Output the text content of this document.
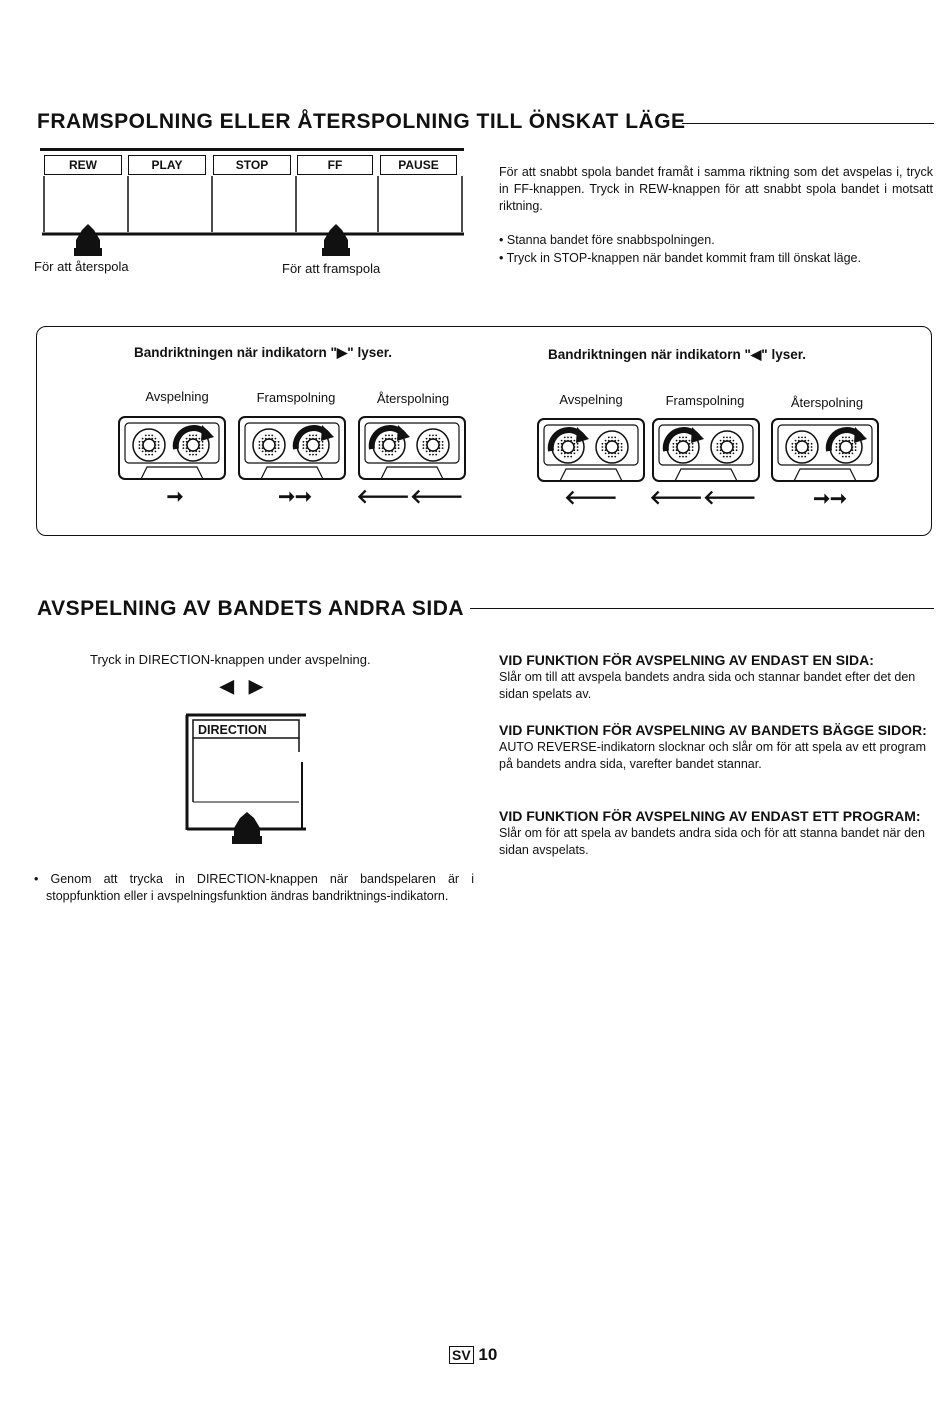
FRAMSPOLNING ELLER ÅTERSPOLNING TILL ÖNSKAT LÄGE
REW	PLAY	STOP	FF	PAUSE
För att återspola	För att framspola
För att snabbt spola bandet framåt i samma riktning som det avspelas i, tryck in FF-knappen. Tryck in REW-knappen för att snabbt spola bandet i motsatt riktning.
• Stanna bandet före snabbspolningen.
• Tryck in STOP-knappen när bandet kommit fram till önskat läge.
Bandriktningen när indikatorn "▶" lyser.	Bandriktningen när indikatorn "◀" lyser.
Avspelning	Framspolning	Återspolning	Avspelning	Framspolning	Återspolning
➞	➞➞	🡐🡐	🡐	🡐🡐	➞➞
AVSPELNING AV BANDETS ANDRA SIDA
Tryck in DIRECTION-knappen under avspelning.
◀   ▶
DIRECTION
• Genom att trycka in DIRECTION-knappen när bandspelaren är i stoppfunktion eller i avspelningsfunktion ändras bandriktnings-indikatorn.
VID FUNKTION FÖR AVSPELNING AV ENDAST EN SIDA:
Slår om till att avspela bandets andra sida och stannar bandet efter det den sidan spelats av.
VID FUNKTION FÖR AVSPELNING AV BANDETS BÄGGE SIDOR:
AUTO REVERSE-indikatorn slocknar och slår om för att spela av ett program på bandets andra sida, varefter bandet stannar.
VID FUNKTION FÖR AVSPELNING AV ENDAST ETT PROGRAM:
Slår om för att spela av bandets andra sida och för att stanna bandet när den sidan avspelats.
SV 10
